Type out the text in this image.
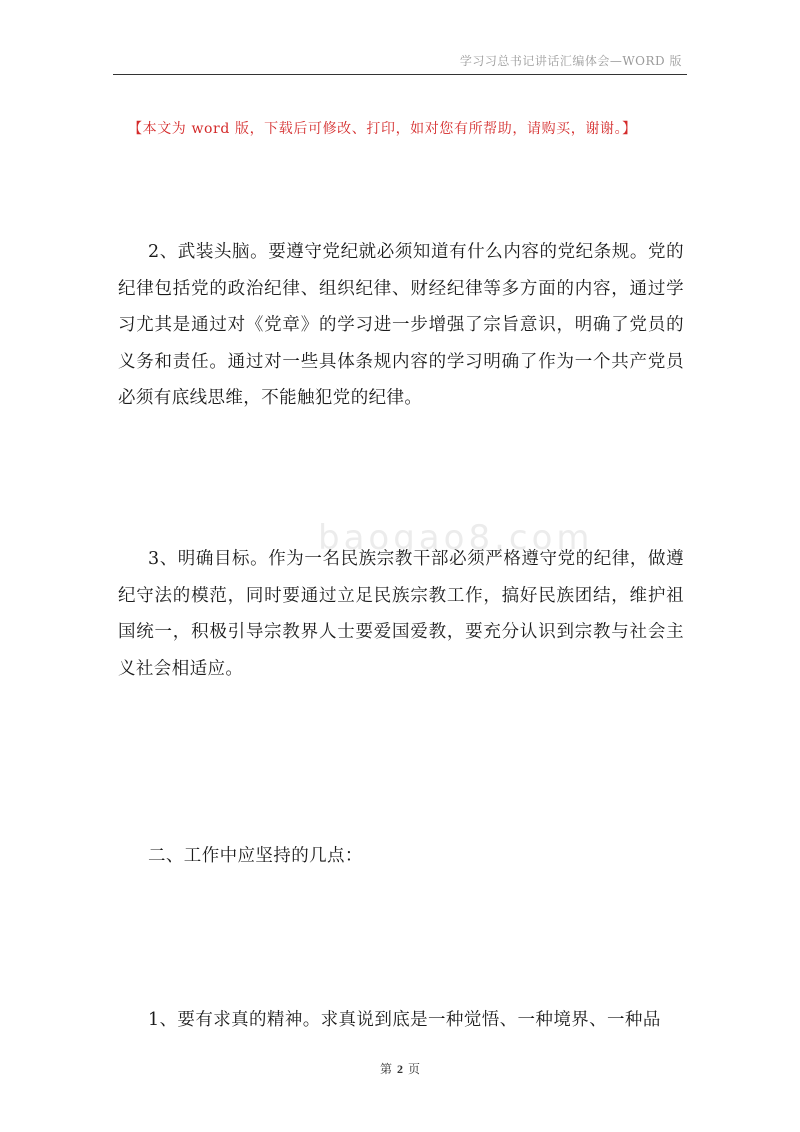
学习习总书记讲话汇编体会—WORD 版
【本文为 word 版，下载后可修改、打印，如对您有所帮助，请购买，谢谢。】
baogao8.com

2、武装头脑。要遵守党纪就必须知道有什么内容的党纪条规。党的纪律包括党的政治纪律、组织纪律、财经纪律等多方面的内容，通过学习尤其是通过对《党章》的学习进一步增强了宗旨意识，明确了党员的义务和责任。通过对一些具体条规内容的学习明确了作为一个共产党员必须有底线思维，不能触犯党的纪律。

3、明确目标。作为一名民族宗教干部必须严格遵守党的纪律，做遵纪守法的模范，同时要通过立足民族宗教工作，搞好民族团结，维护祖国统一，积极引导宗教界人士要爱国爱教，要充分认识到宗教与社会主义社会相适应。

二、工作中应坚持的几点：

1、要有求真的精神。求真说到底是一种觉悟、一种境界、一种品

第 2 页
